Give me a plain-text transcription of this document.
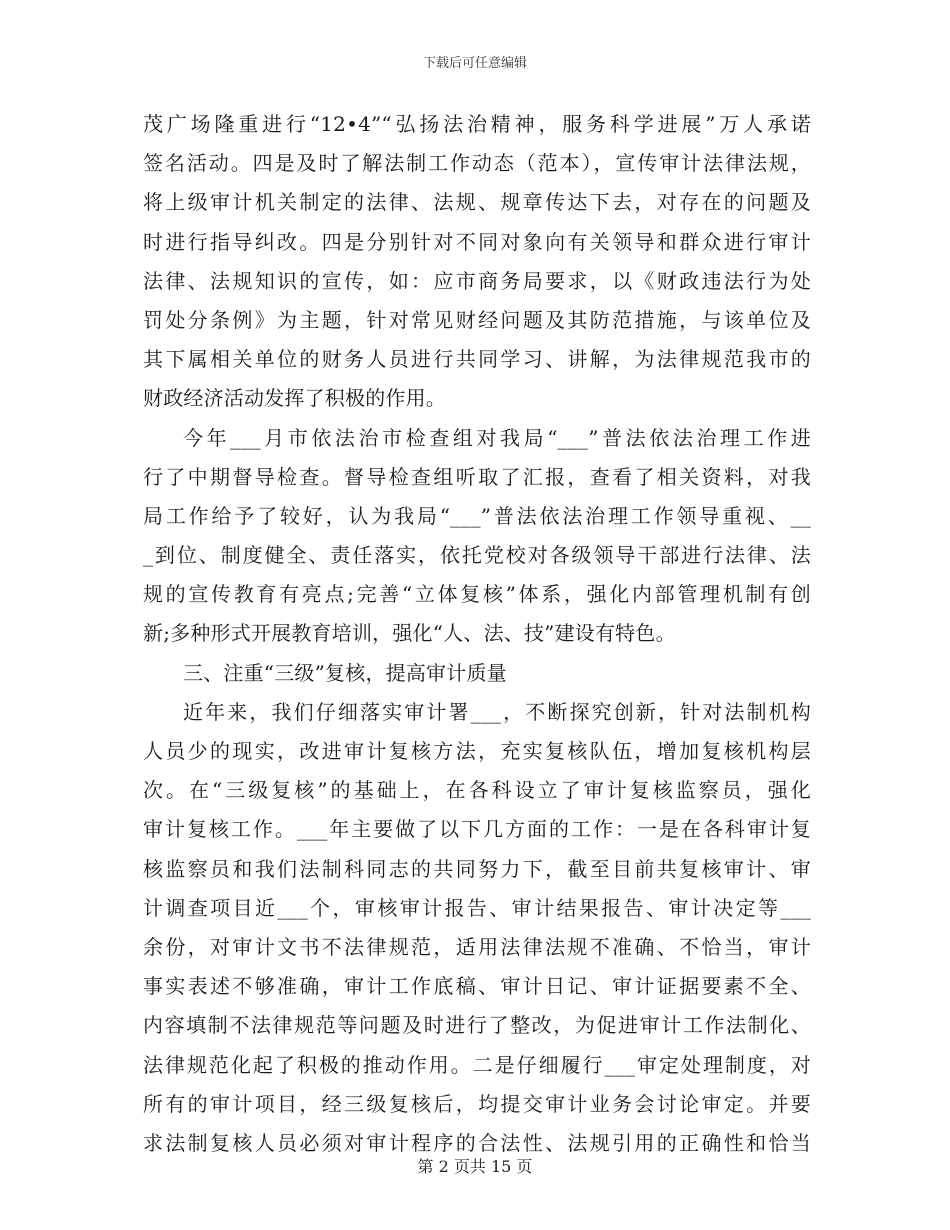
下载后可任意编辑
茂广场隆重进行“12•4”“弘扬法治精神，服务科学进展”万人承诺
签名活动。四是及时了解法制工作动态（范本），宣传审计法律法规，
将上级审计机关制定的法律、法规、规章传达下去，对存在的问题及
时进行指导纠改。四是分别针对不同对象向有关领导和群众进行审计
法律、法规知识的宣传，如：应市商务局要求，以《财政违法行为处
罚处分条例》为主题，针对常见财经问题及其防范措施，与该单位及
其下属相关单位的财务人员进行共同学习、讲解，为法律规范我市的
财政经济活动发挥了积极的作用。
今年___月市依法治市检查组对我局“___”普法依法治理工作进
行了中期督导检查。督导检查组听取了汇报，查看了相关资料，对我
局工作给予了较好，认为我局“___”普法依法治理工作领导重视、__
_到位、制度健全、责任落实，依托党校对各级领导干部进行法律、法
规的宣传教育有亮点;完善“立体复核”体系，强化内部管理机制有创
新;多种形式开展教育培训，强化“人、法、技”建设有特色。
三、注重“三级”复核，提高审计质量
近年来，我们仔细落实审计署___，不断探究创新，针对法制机构
人员少的现实，改进审计复核方法，充实复核队伍，增加复核机构层
次。在“三级复核”的基础上，在各科设立了审计复核监察员，强化
审计复核工作。___年主要做了以下几方面的工作：一是在各科审计复
核监察员和我们法制科同志的共同努力下，截至目前共复核审计、审
计调查项目近___个，审核审计报告、审计结果报告、审计决定等___
余份，对审计文书不法律规范，适用法律法规不准确、不恰当，审计
事实表述不够准确，审计工作底稿、审计日记、审计证据要素不全、
内容填制不法律规范等问题及时进行了整改，为促进审计工作法制化、
法律规范化起了积极的推动作用。二是仔细履行___审定处理制度，对
所有的审计项目，经三级复核后，均提交审计业务会讨论审定。并要
求法制复核人员必须对审计程序的合法性、法规引用的正确性和恰当
第 2 页共 15 页
